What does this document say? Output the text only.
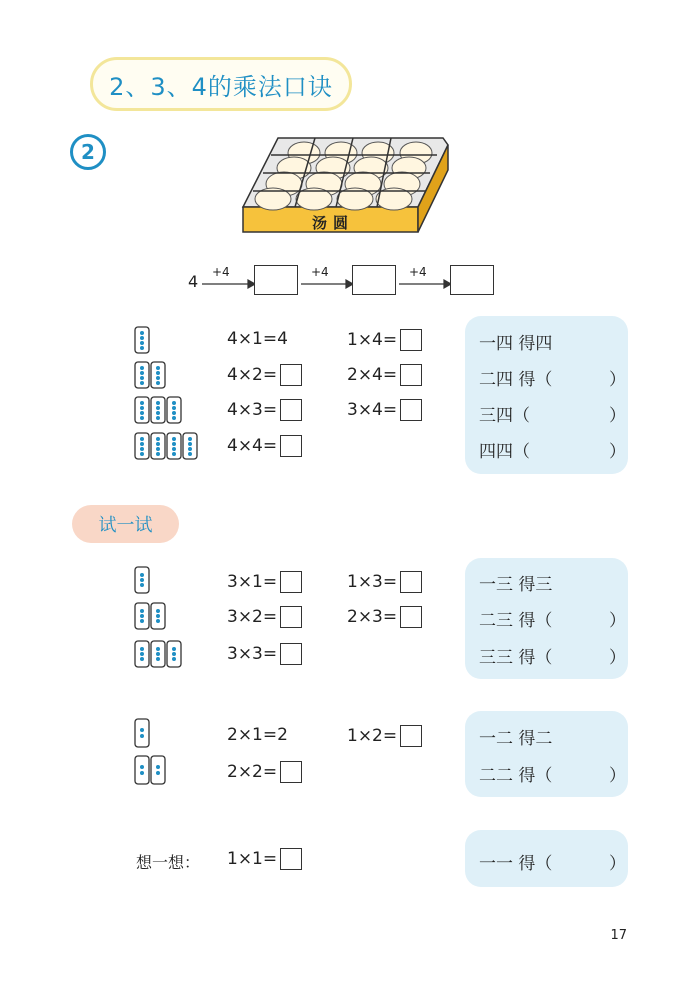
2、3、4的乘法口诀
2
汤圆
4 +4	+4	+4
4×1=4	1×4=
4×2=	2×4=
4×3=	3×4=
4×4=
一四 得四
二四 得（	）
三四（	）
四四（	）
试一试
3×1=	1×3=
3×2=	2×3=
3×3=
一三 得三
二三 得（	）
三三 得（	）
2×1=2	1×2=
2×2=
一二 得二
二二 得（	）
想一想： 1×1=	一一 得（	）
17
